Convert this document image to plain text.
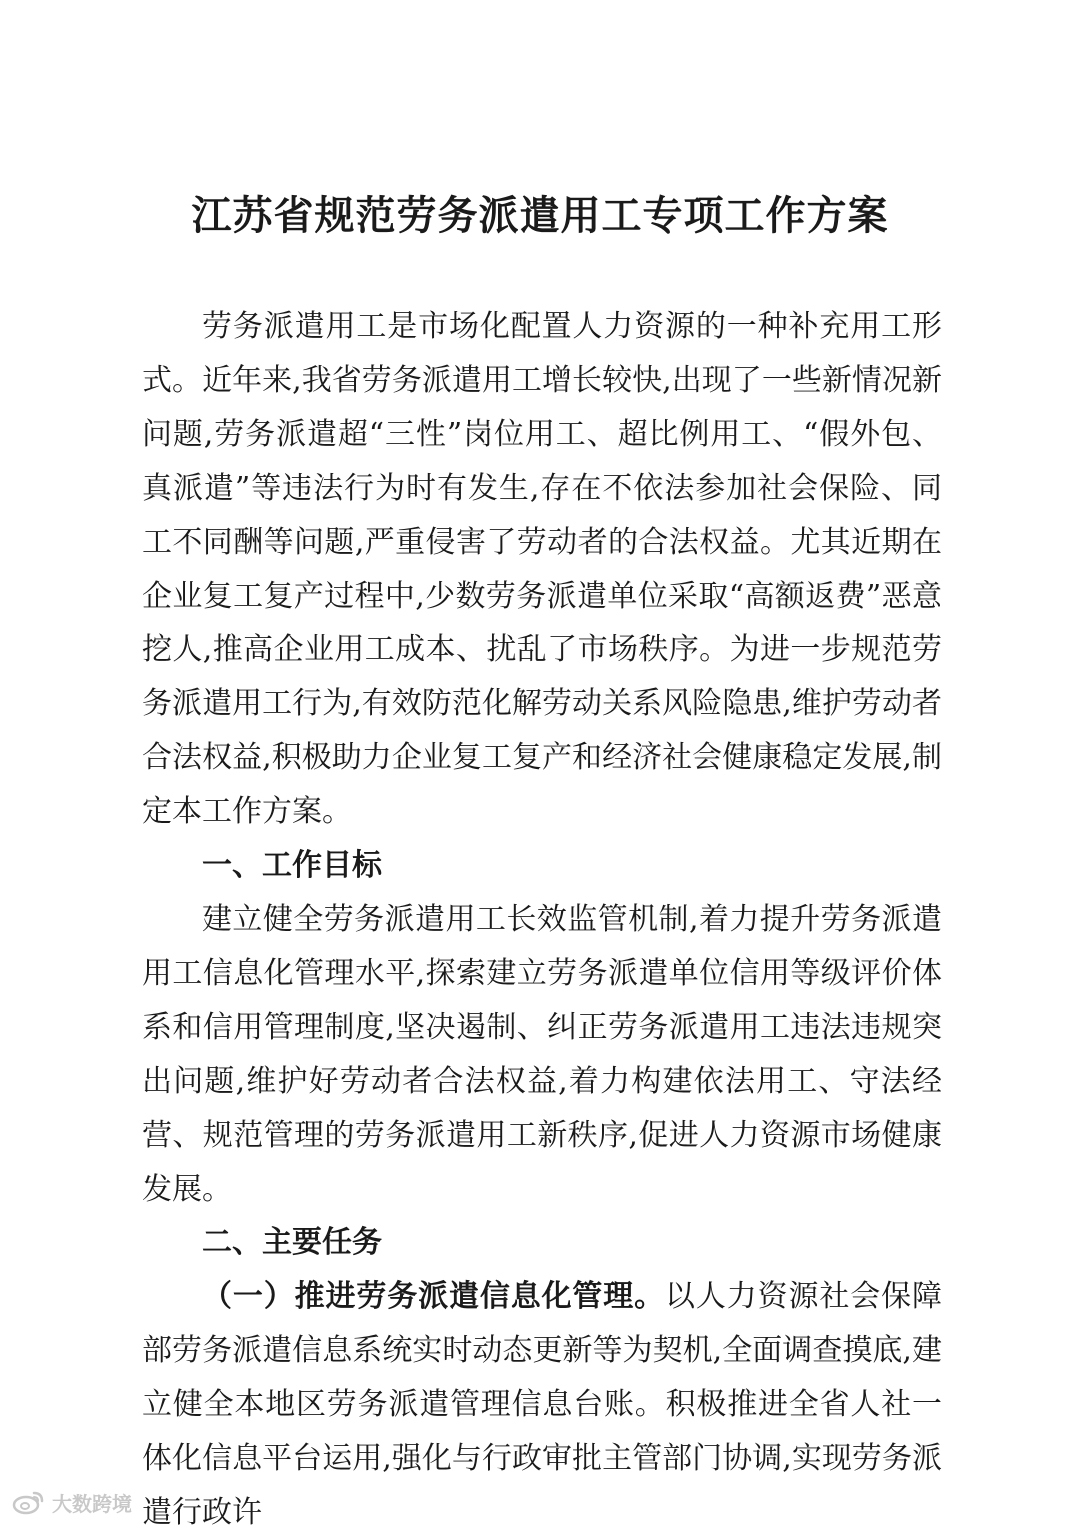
江苏省规范劳务派遣用工专项工作方案

劳务派遣用工是市场化配置人力资源的一种补充用工形式。近年来,我省劳务派遣用工增长较快,出现了一些新情况新问题,劳务派遣超“三性”岗位用工、超比例用工、“假外包、真派遣”等违法行为时有发生,存在不依法参加社会保险、同工不同酬等问题,严重侵害了劳动者的合法权益。尤其近期在企业复工复产过程中,少数劳务派遣单位采取“高额返费”恶意挖人,推高企业用工成本、扰乱了市场秩序。为进一步规范劳务派遣用工行为,有效防范化解劳动关系风险隐患,维护劳动者合法权益,积极助力企业复工复产和经济社会健康稳定发展,制定本工作方案。

一、工作目标

建立健全劳务派遣用工长效监管机制,着力提升劳务派遣用工信息化管理水平,探索建立劳务派遣单位信用等级评价体系和信用管理制度,坚决遏制、纠正劳务派遣用工违法违规突出问题,维护好劳动者合法权益,着力构建依法用工、守法经营、规范管理的劳务派遣用工新秩序,促进人力资源市场健康发展。

二、主要任务

（一）推进劳务派遣信息化管理。以人力资源社会保障部劳务派遣信息系统实时动态更新等为契机,全面调查摸底,建立健全本地区劳务派遣管理信息台账。积极推进全省人社一体化信息平台运用,强化与行政审批主管部门协调,实现劳务派遣行政许

大数跨境
